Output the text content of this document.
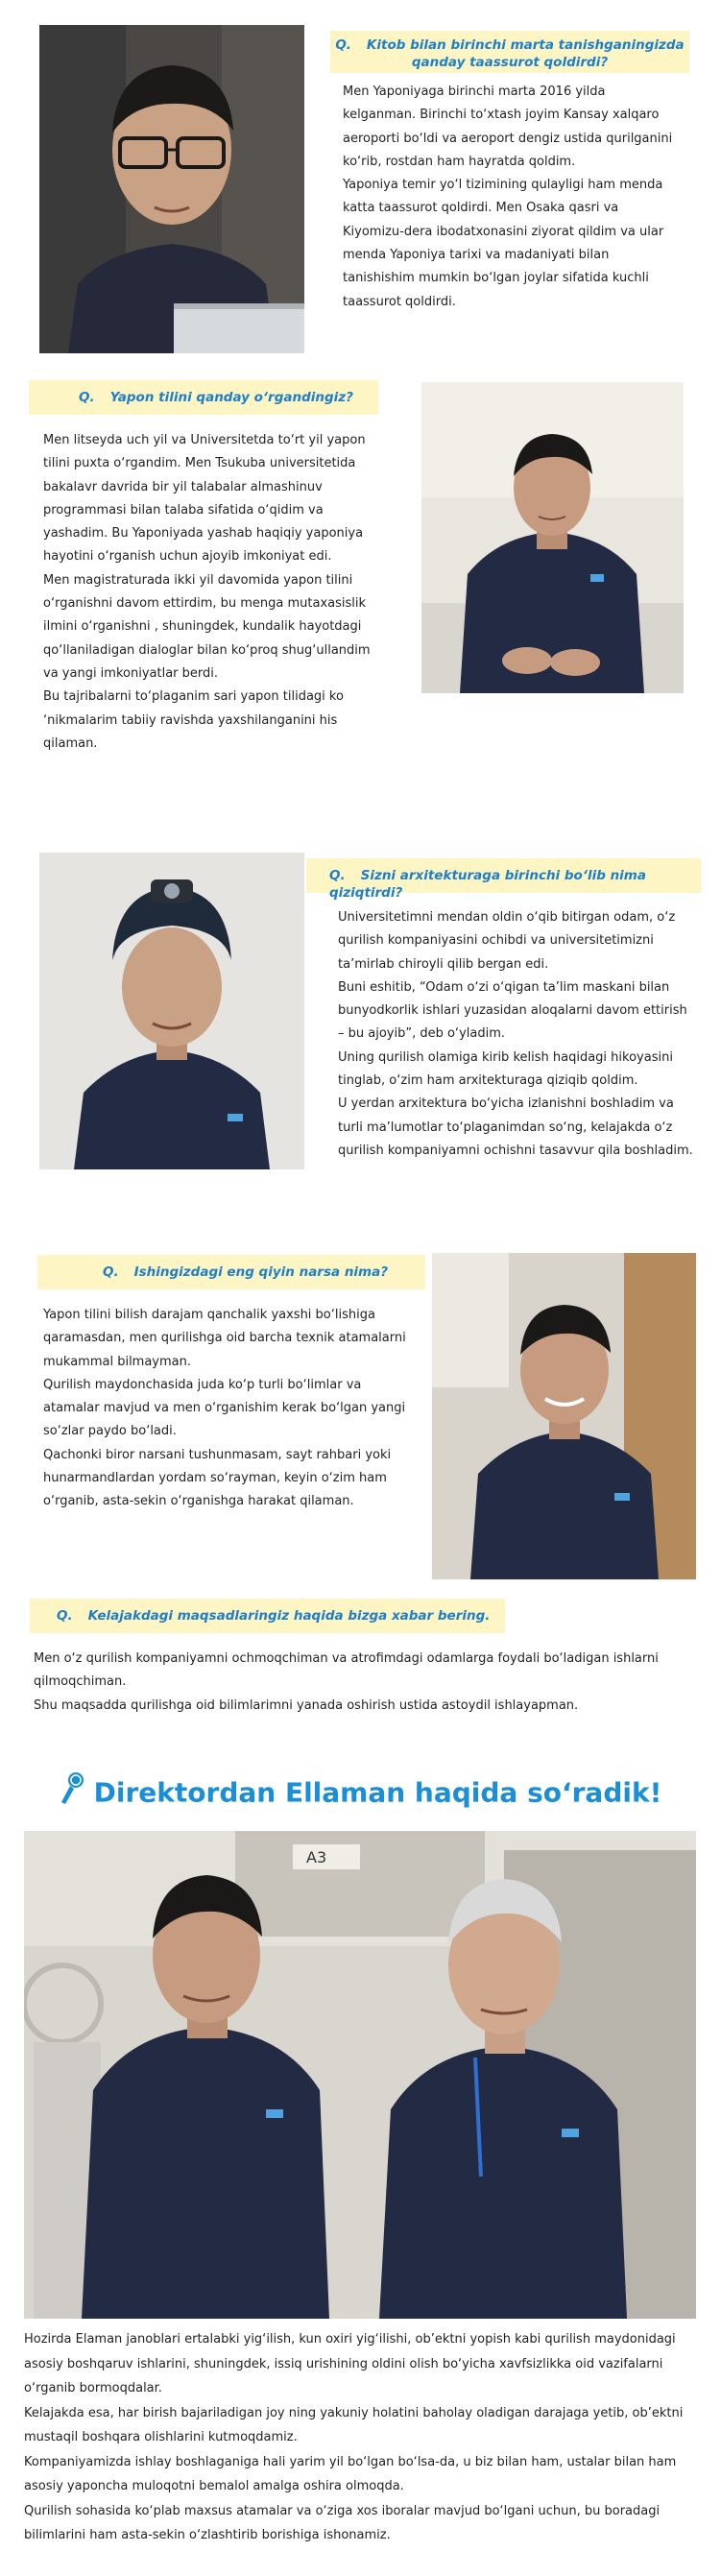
Q. Kitob bilan birinchi marta tanishganingizda qanday taassurot qoldirdi?

Men Yaponiyaga birinchi marta 2016 yilda kelganman. Birinchi to‘xtash joyim Kansay xalqaro aeroporti bo‘ldi va aeroport dengiz ustida qurilganini ko‘rib, rostdan ham hayratda qoldim.

Yaponiya temir yo‘l tizimining qulayligi ham menda katta taassurot qoldirdi. Men Osaka qasri va Kiyomizu-dera ibodatxonasini ziyorat qildim va ular menda Yaponiya tarixi va madaniyati bilan tanishishim mumkin bo‘lgan joylar sifatida kuchli taassurot qoldirdi.

Q. Yapon tilini qanday o‘rgandingiz?

Men litseyda uch yil va Universitetda to‘rt yil yapon tilini puxta o‘rgandim. Men Tsukuba universitetida bakalavr davrida bir yil talabalar almashinuv programmasi bilan talaba sifatida o‘qidim va yashadim. Bu Yaponiyada yashab haqiqiy yaponiya hayotini o‘rganish uchun ajoyib imkoniyat edi.

Men magistraturada ikki yil davomida yapon tilini o‘rganishni davom ettirdim, bu menga mutaxasislik ilmini o‘rganishni , shuningdek, kundalik hayotdagi qo‘llaniladigan dialoglar bilan ko‘proq shug‘ullandim va yangi imkoniyatlar berdi.

Bu tajribalarni to‘plaganim sari yapon tilidagi ko ‘nikmalarim tabiiy ravishda yaxshilanganini his qilaman.

Q. Sizni arxitekturaga birinchi bo‘lib nima qiziqtirdi?

Universitetimni mendan oldin o‘qib bitirgan odam, o‘z qurilish kompaniyasini ochibdi va universitetimizni ta’mirlab chiroyli qilib bergan edi.

Buni eshitib, “Odam o‘zi o‘qigan ta’lim maskani bilan bunyodkorlik ishlari yuzasidan aloqalarni davom ettirish – bu ajoyib”, deb o‘yladim.

Uning qurilish olamiga kirib kelish haqidagi hikoyasini tinglab, o‘zim ham arxitekturaga qiziqib qoldim.

U yerdan arxitektura bo‘yicha izlanishni boshladim va turli ma’lumotlar to‘plaganimdan so‘ng, kelajakda o‘z qurilish kompaniyamni ochishni tasavvur qila boshladim.

Q. Ishingizdagi eng qiyin narsa nima?

Yapon tilini bilish darajam qanchalik yaxshi bo‘lishiga qaramasdan, men qurilishga oid barcha texnik atamalarni mukammal bilmayman.

Qurilish maydonchasida juda ko‘p turli bo‘limlar va atamalar mavjud va men o‘rganishim kerak bo‘lgan yangi so‘zlar paydo bo‘ladi.

Qachonki biror narsani tushunmasam, sayt rahbari yoki hunarmandlardan yordam so‘rayman, keyin o‘zim ham o‘rganib, asta-sekin o‘rganishga harakat qilaman.

Q. Kelajakdagi maqsadlaringiz haqida bizga xabar bering.

Men o‘z qurilish kompaniyamni ochmoqchiman va atrofimdagi odamlarga foydali bo‘ladigan ishlarni qilmoqchiman.

Shu maqsadda qurilishga oid bilimlarimni yanada oshirish ustida astoydil ishlayapman.

Direktordan Ellaman haqida so‘radik!
A3

Hozirda Elaman janoblari ertalabki yig‘ilish, kun oxiri yig‘ilishi, ob’ektni yopish kabi qurilish maydonidagi asosiy boshqaruv ishlarini, shuningdek, issiq urishining oldini olish bo‘yicha xavfsizlikka oid vazifalarni o‘rganib bormoqdalar.

Kelajakda esa, har birish bajariladigan joy ning yakuniy holatini baholay oladigan darajaga yetib, ob’ektni mustaqil boshqara olishlarini kutmoqdamiz.

Kompaniyamizda ishlay boshlaganiga hali yarim yil bo‘lgan bo‘lsa-da, u biz bilan ham, ustalar bilan ham asosiy yaponcha muloqotni bemalol amalga oshira olmoqda.

Qurilish sohasida ko‘plab maxsus atamalar va o‘ziga xos iboralar mavjud bo‘lgani uchun, bu boradagi bilimlarini ham asta-sekin o‘zlashtirib borishiga ishonamiz.
